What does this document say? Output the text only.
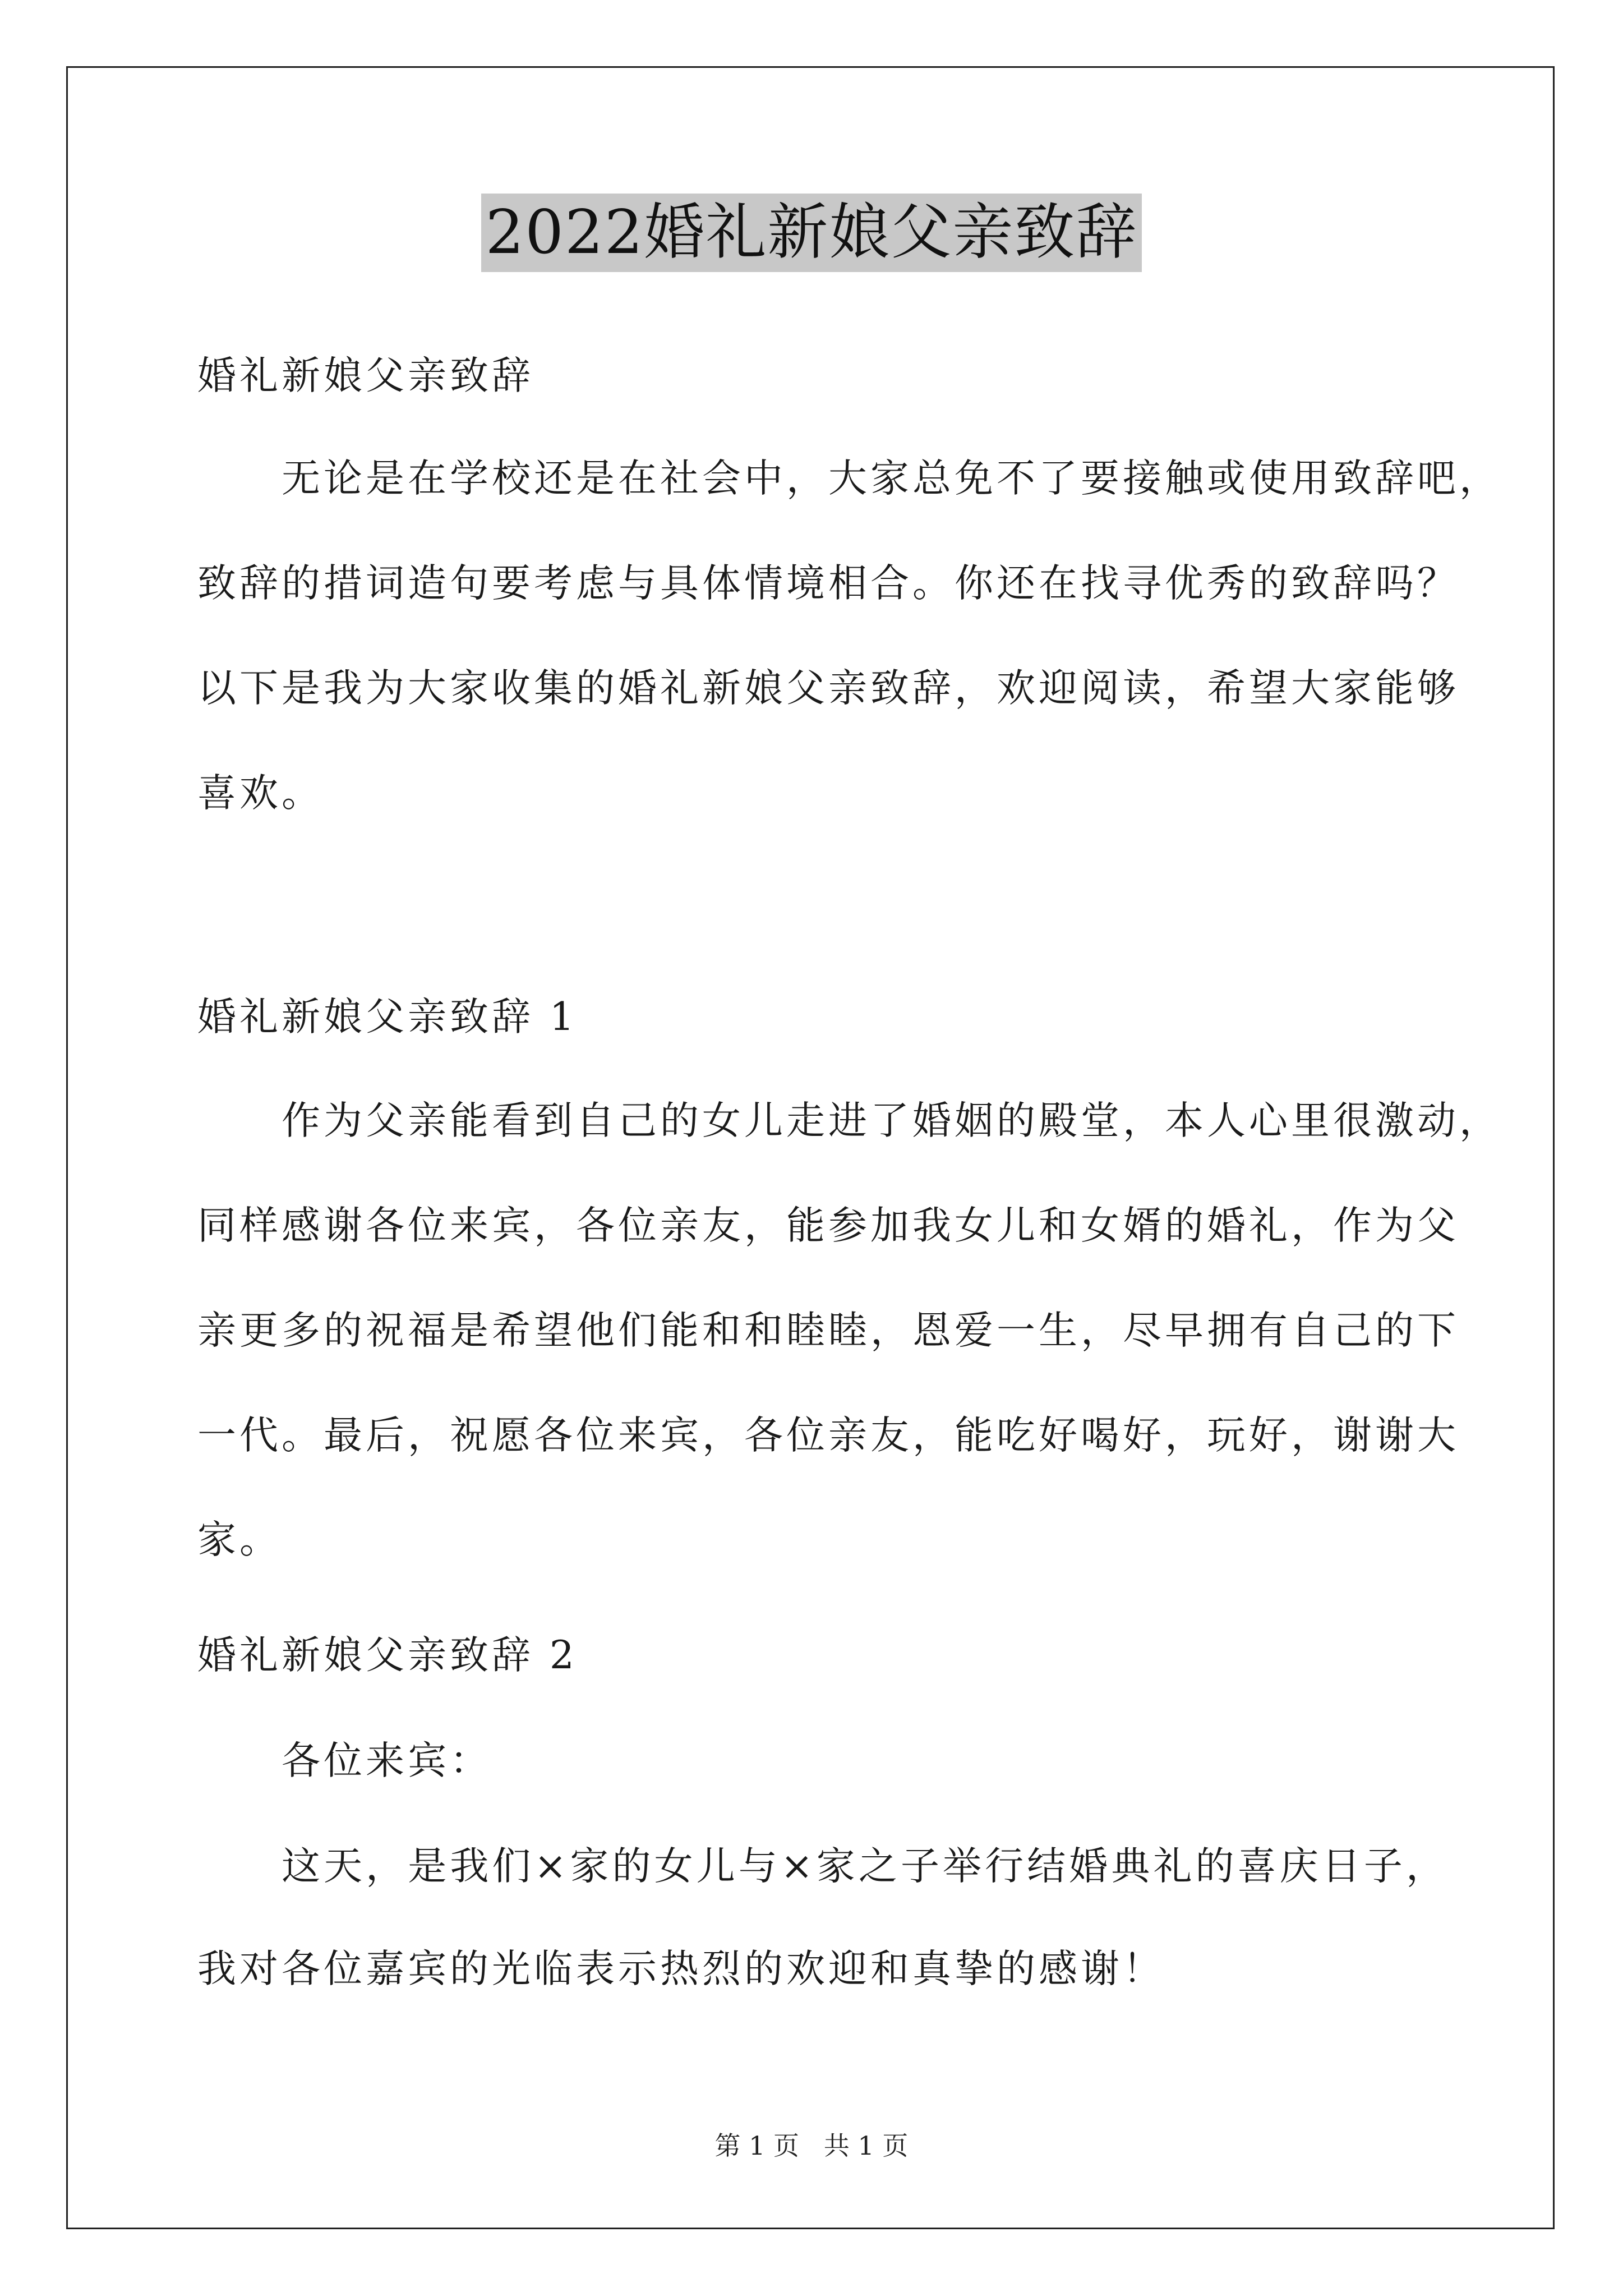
2022婚礼新娘父亲致辞
婚礼新娘父亲致辞
无论是在学校还是在社会中，大家总免不了要接触或使用致辞吧，
致辞的措词造句要考虑与具体情境相合。你还在找寻优秀的致辞吗？
以下是我为大家收集的婚礼新娘父亲致辞，欢迎阅读，希望大家能够
喜欢。
婚礼新娘父亲致辞 1
作为父亲能看到自己的女儿走进了婚姻的殿堂，本人心里很激动，
同样感谢各位来宾，各位亲友，能参加我女儿和女婿的婚礼，作为父
亲更多的祝福是希望他们能和和睦睦，恩爱一生，尽早拥有自己的下
一代。最后，祝愿各位来宾，各位亲友，能吃好喝好，玩好，谢谢大
家。
婚礼新娘父亲致辞 2
各位来宾：
这天，是我们×家的女儿与×家之子举行结婚典礼的喜庆日子，
我对各位嘉宾的光临表示热烈的欢迎和真挚的感谢！
第 1 页   共 1 页
